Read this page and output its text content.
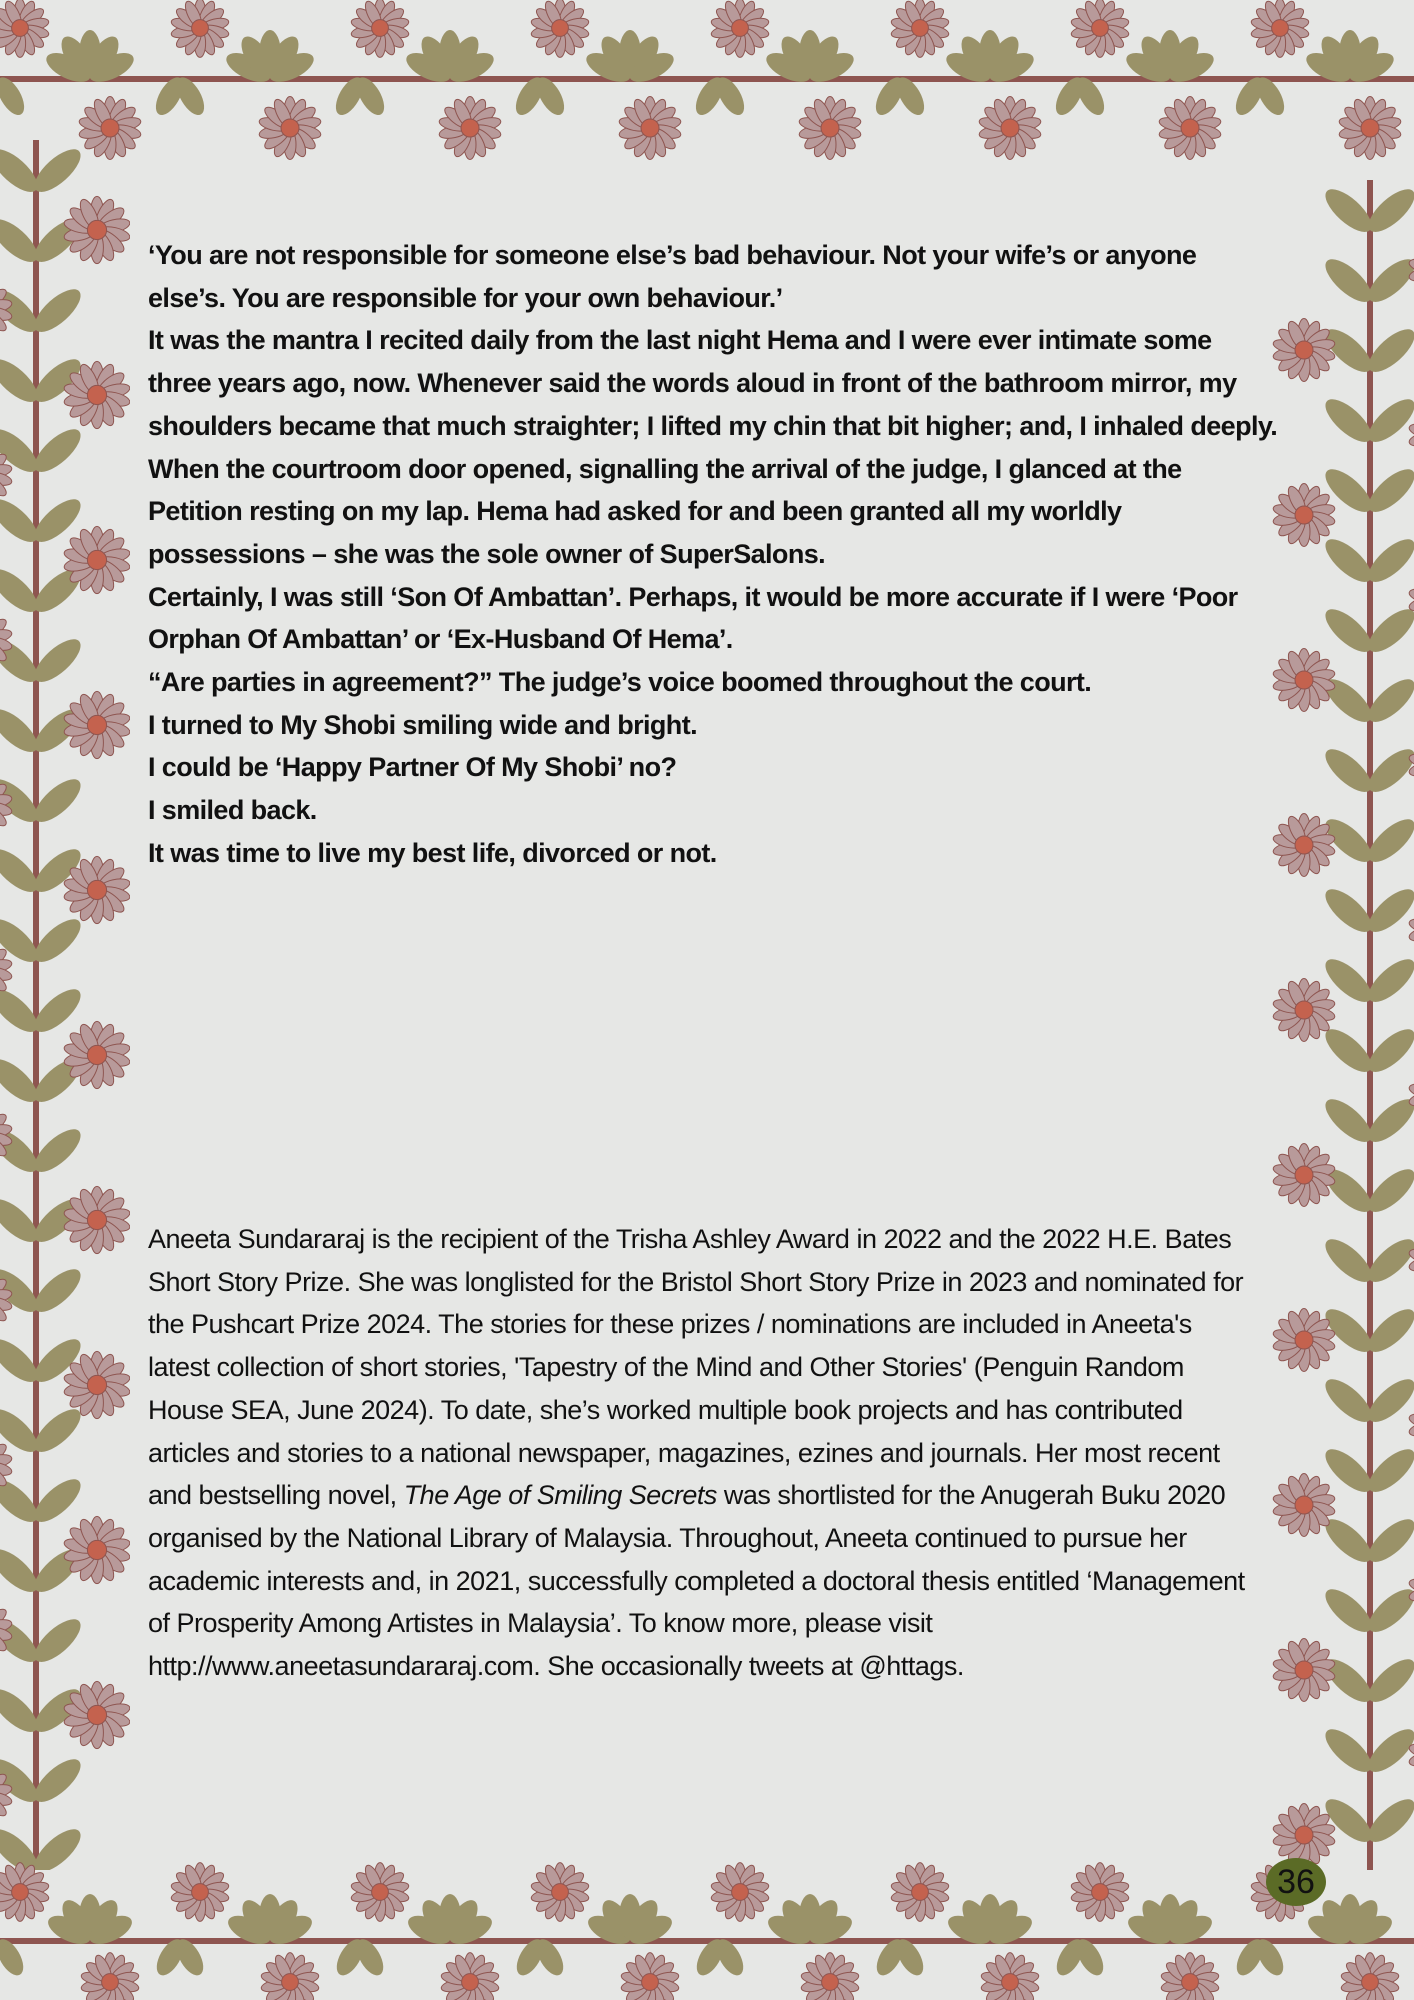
‘You are not responsible for someone else’s bad behaviour. Not your wife’s or anyone else’s. You are responsible for your own behaviour.’

It was the mantra I recited daily from the last night Hema and I were ever intimate some three years ago, now. Whenever said the words aloud in front of the bathroom mirror, my shoulders became that much straighter; I lifted my chin that bit higher; and, I inhaled deeply.

When the courtroom door opened, signalling the arrival of the judge, I glanced at the Petition resting on my lap. Hema had asked for and been granted all my worldly possessions – she was the sole owner of SuperSalons.

Certainly, I was still ‘Son Of Ambattan’. Perhaps, it would be more accurate if I were ‘Poor Orphan Of Ambattan’ or ‘Ex-Husband Of Hema’.

“Are parties in agreement?” The judge’s voice boomed throughout the court.

I turned to My Shobi smiling wide and bright.

I could be ‘Happy Partner Of My Shobi’ no?

I smiled back.

It was time to live my best life, divorced or not.

Aneeta Sundararaj is the recipient of the Trisha Ashley Award in 2022 and the 2022 H.E. Bates Short Story Prize. She was longlisted for the Bristol Short Story Prize in 2023 and nominated for the Pushcart Prize 2024. The stories for these prizes / nominations are included in Aneeta's latest collection of short stories, 'Tapestry of the Mind and Other Stories' (Penguin Random House SEA, June 2024). To date, she’s worked multiple book projects and has contributed articles and stories to a national newspaper, magazines, ezines and journals. Her most recent and bestselling novel, The Age of Smiling Secrets was shortlisted for the Anugerah Buku 2020 organised by the National Library of Malaysia. Throughout, Aneeta continued to pursue her academic interests and, in 2021, successfully completed a doctoral thesis entitled ‘Management of Prosperity Among Artistes in Malaysia’. To know more, please visit http://www.aneetasundararaj.com. She occasionally tweets at @httags.

36
